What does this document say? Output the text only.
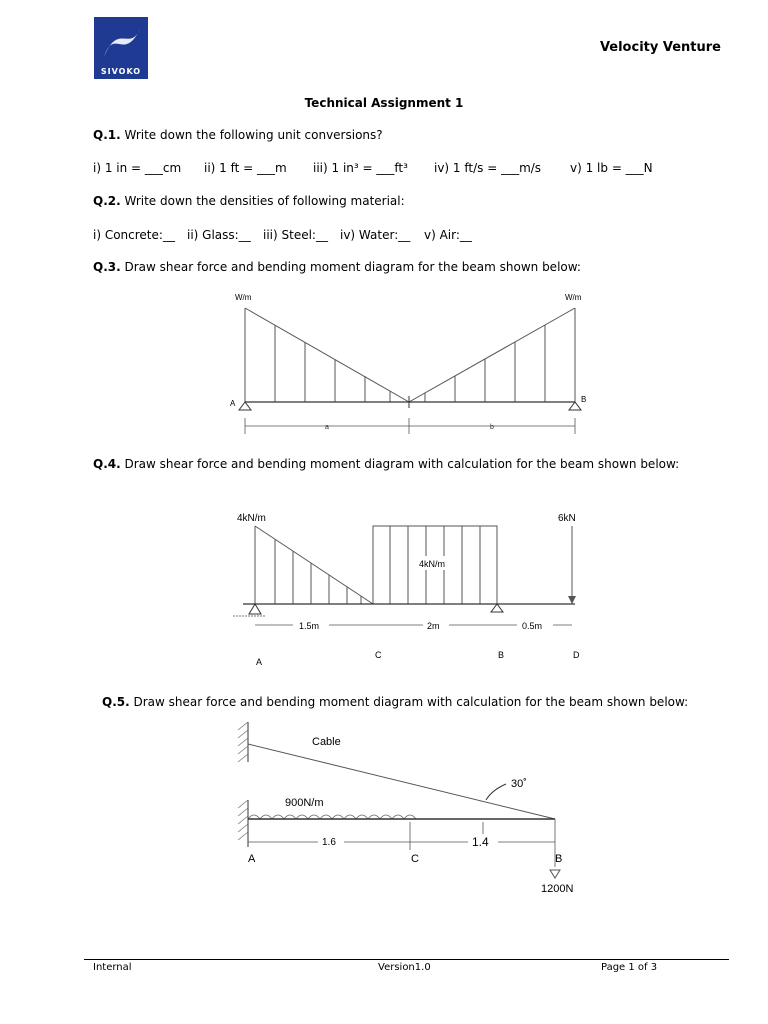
SIVOKO
Velocity Venture
Technical Assignment 1
Q.1. Write down the following unit conversions?
i) 1 in = ___cm ii) 1 ft = ___m iii) 1 in³ = ___ft³ iv) 1 ft/s = ___m/s v) 1 lb = ___N
Q.2. Write down the densities of following material:
i) Concrete:__ ii) Glass:__ iii) Steel:__ iv) Water:__ v) Air:__
Q.3. Draw shear force and bending moment diagram for the beam shown below:
W/m	W/m
A	B
a	b
Q.4. Draw shear force and bending moment diagram with calculation for the beam shown below:
4kN/m	6kN
4kN/m
1.5m	2m	0.5m
A
C	B	D
Q.5. Draw shear force and bending moment diagram with calculation for the beam shown below:
Cable
30˚
900N/m
1.6	1.4
A	C	B
1200N
Internal	Version1.0	Page 1 of 3
